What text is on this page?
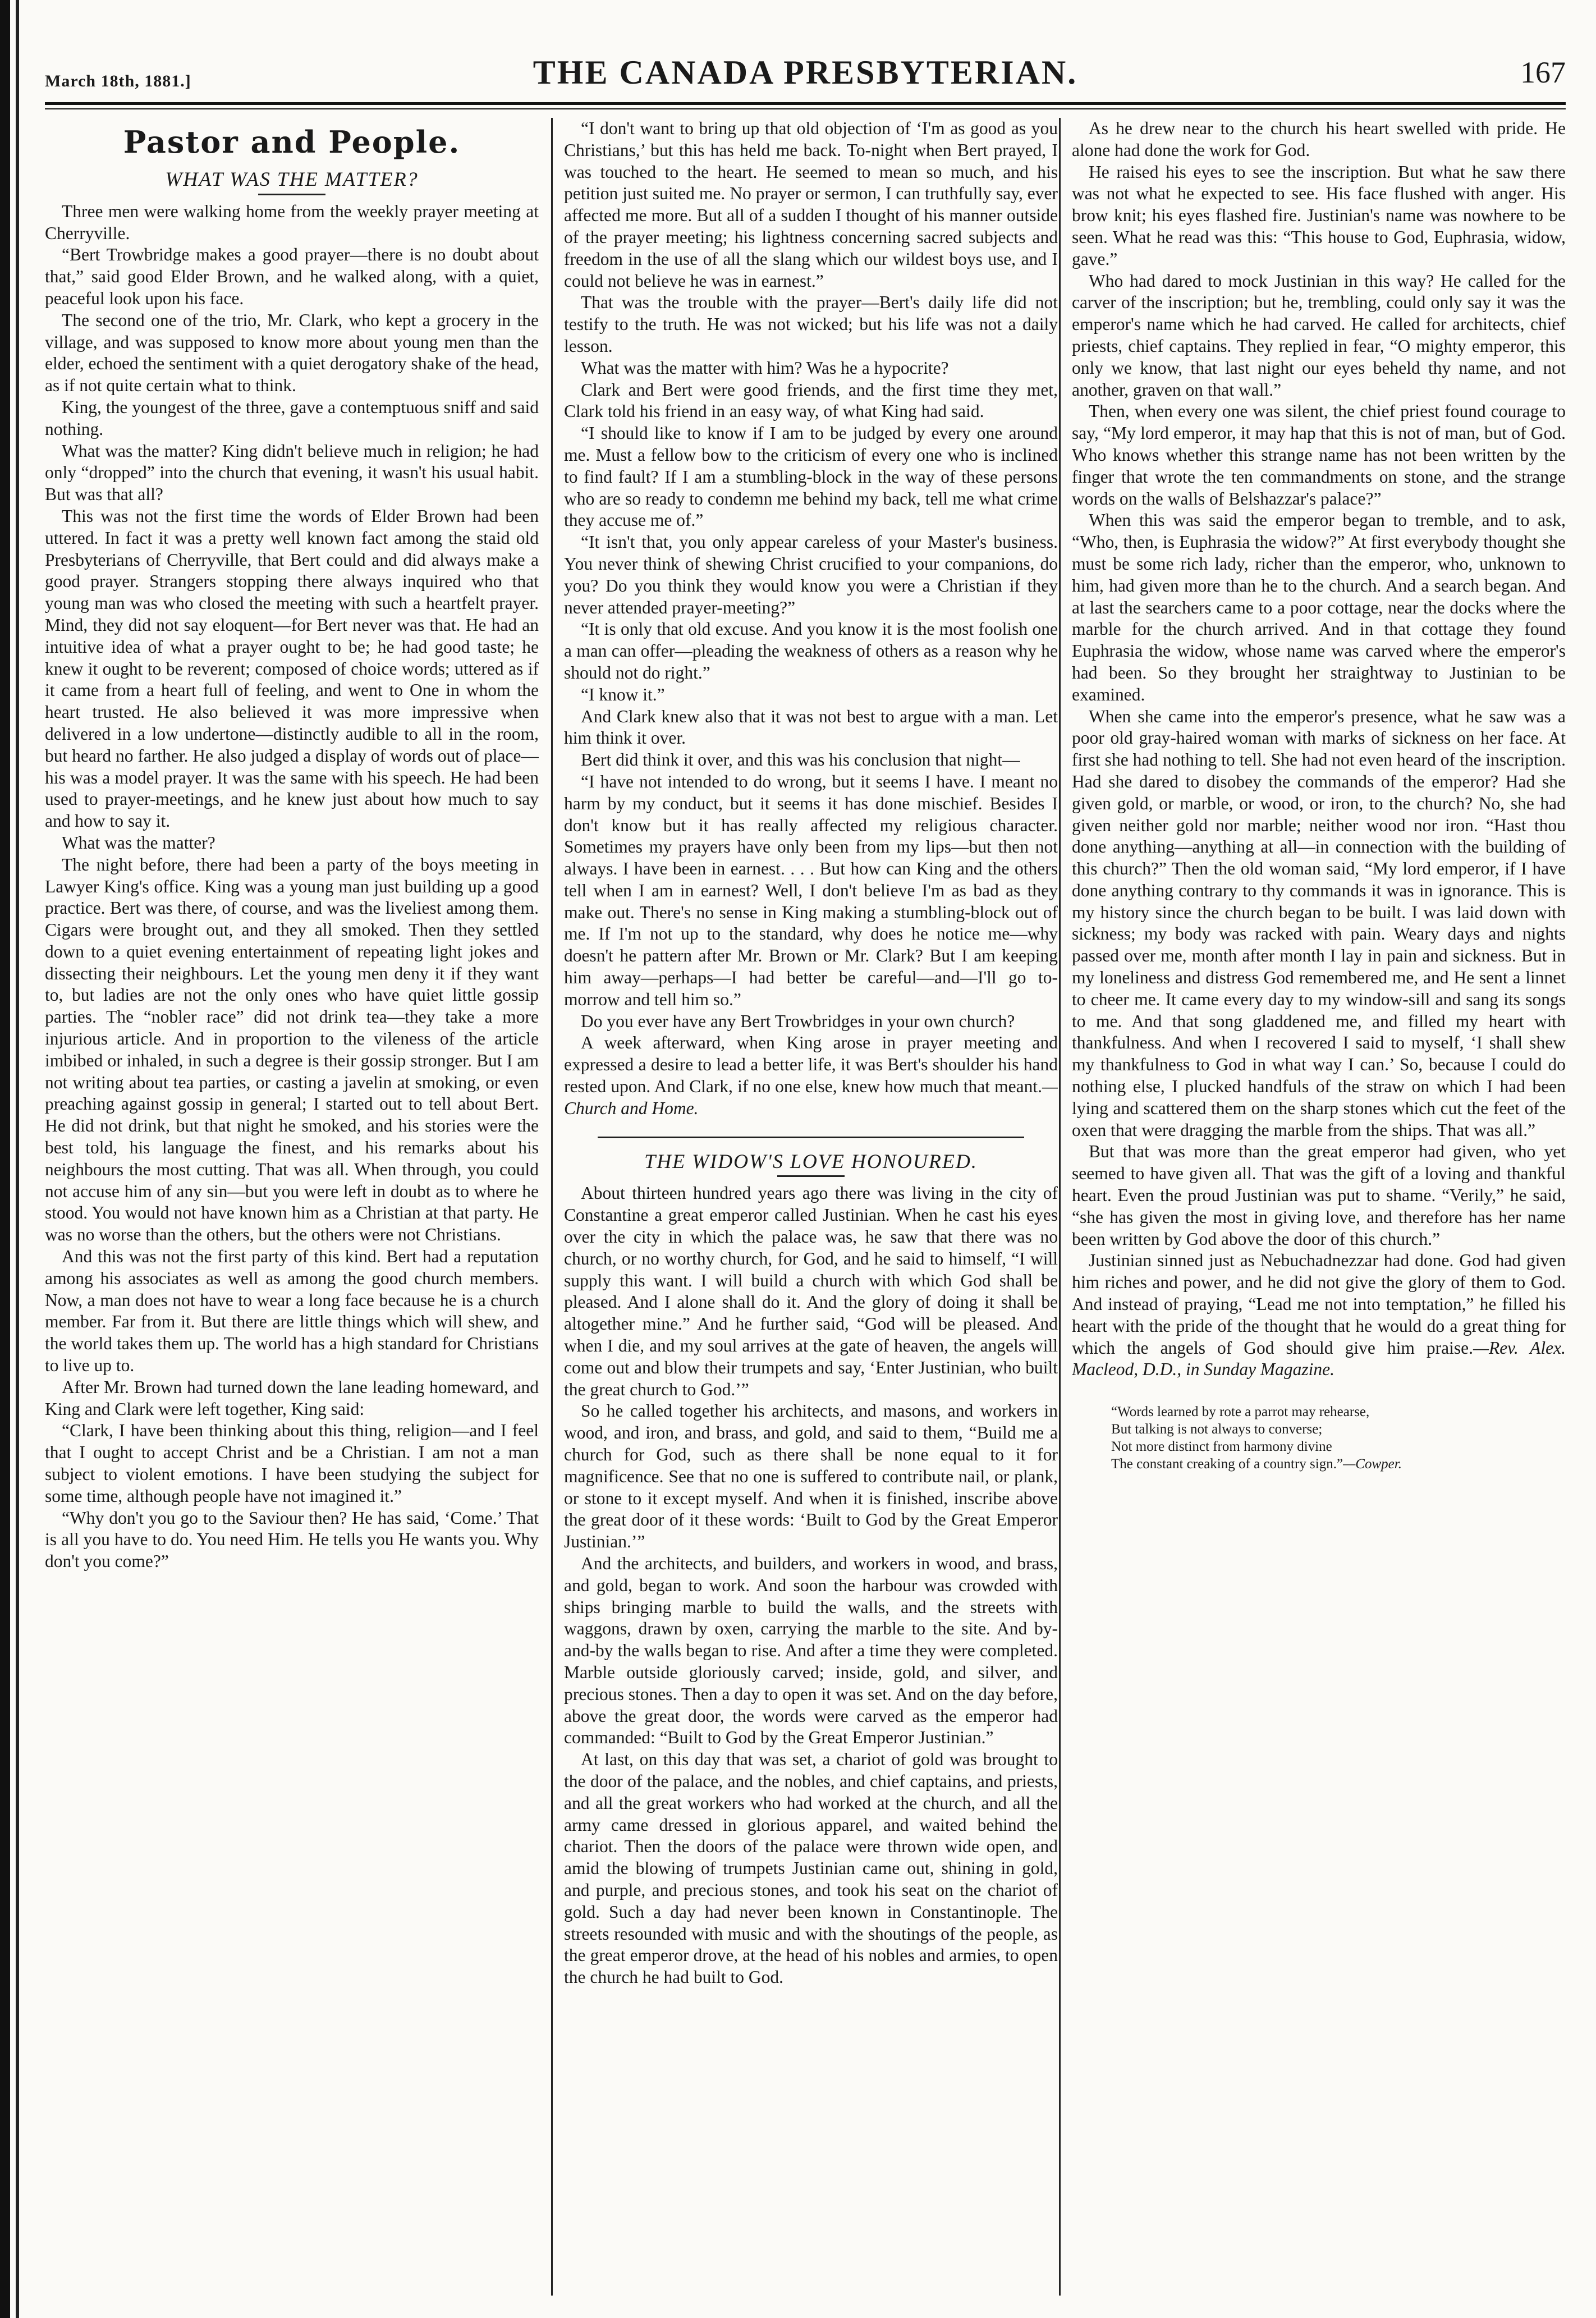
March 18th, 1881.]	THE CANADA PRESBYTERIAN.	167
Pastor and People.
WHAT WAS THE MATTER?

Three men were walking home from the weekly prayer meeting at Cherryville.

“Bert Trowbridge makes a good prayer—there is no doubt about that,” said good Elder Brown, and he walked along, with a quiet, peaceful look upon his face.

The second one of the trio, Mr. Clark, who kept a grocery in the village, and was supposed to know more about young men than the elder, echoed the sentiment with a quiet derogatory shake of the head, as if not quite certain what to think.

King, the youngest of the three, gave a contemptuous sniff and said nothing.

What was the matter? King didn't believe much in religion; he had only “dropped” into the church that evening, it wasn't his usual habit. But was that all?

This was not the first time the words of Elder Brown had been uttered. In fact it was a pretty well known fact among the staid old Presbyterians of Cherryville, that Bert could and did always make a good prayer. Strangers stopping there always inquired who that young man was who closed the meeting with such a heartfelt prayer. Mind, they did not say eloquent—for Bert never was that. He had an intuitive idea of what a prayer ought to be; he had good taste; he knew it ought to be reverent; composed of choice words; uttered as if it came from a heart full of feeling, and went to One in whom the heart trusted. He also believed it was more impressive when delivered in a low undertone—distinctly audible to all in the room, but heard no farther. He also judged a display of words out of place—his was a model prayer. It was the same with his speech. He had been used to prayer-meetings, and he knew just about how much to say and how to say it.

What was the matter?

The night before, there had been a party of the boys meeting in Lawyer King's office. King was a young man just building up a good practice. Bert was there, of course, and was the liveliest among them. Cigars were brought out, and they all smoked. Then they settled down to a quiet evening entertainment of repeating light jokes and dissecting their neighbours. Let the young men deny it if they want to, but ladies are not the only ones who have quiet little gossip parties. The “nobler race” did not drink tea—they take a more injurious article. And in proportion to the vileness of the article imbibed or inhaled, in such a degree is their gossip stronger. But I am not writing about tea parties, or casting a javelin at smoking, or even preaching against gossip in general; I started out to tell about Bert. He did not drink, but that night he smoked, and his stories were the best told, his language the finest, and his remarks about his neighbours the most cutting. That was all. When through, you could not accuse him of any sin—but you were left in doubt as to where he stood. You would not have known him as a Christian at that party. He was no worse than the others, but the others were not Christians.

And this was not the first party of this kind. Bert had a reputation among his associates as well as among the good church members. Now, a man does not have to wear a long face because he is a church member. Far from it. But there are little things which will shew, and the world takes them up. The world has a high standard for Christians to live up to.

After Mr. Brown had turned down the lane leading homeward, and King and Clark were left together, King said:

“Clark, I have been thinking about this thing, religion—and I feel that I ought to accept Christ and be a Christian. I am not a man subject to violent emotions. I have been studying the subject for some time, although people have not imagined it.”

“Why don't you go to the Saviour then? He has said, ‘Come.’ That is all you have to do. You need Him. He tells you He wants you. Why don't you come?”

“I don't want to bring up that old objection of ‘I'm as good as you Christians,’ but this has held me back. To-night when Bert prayed, I was touched to the heart. He seemed to mean so much, and his petition just suited me. No prayer or sermon, I can truthfully say, ever affected me more. But all of a sudden I thought of his manner outside of the prayer meeting; his lightness concerning sacred subjects and freedom in the use of all the slang which our wildest boys use, and I could not believe he was in earnest.”

That was the trouble with the prayer—Bert's daily life did not testify to the truth. He was not wicked; but his life was not a daily lesson.

What was the matter with him? Was he a hypocrite?

Clark and Bert were good friends, and the first time they met, Clark told his friend in an easy way, of what King had said.

“I should like to know if I am to be judged by every one around me. Must a fellow bow to the criticism of every one who is inclined to find fault? If I am a stumbling-block in the way of these persons who are so ready to condemn me behind my back, tell me what crime they accuse me of.”

“It isn't that, you only appear careless of your Master's business. You never think of shewing Christ crucified to your companions, do you? Do you think they would know you were a Christian if they never attended prayer-meeting?”

“It is only that old excuse. And you know it is the most foolish one a man can offer—pleading the weakness of others as a reason why he should not do right.”

“I know it.”

And Clark knew also that it was not best to argue with a man. Let him think it over.

Bert did think it over, and this was his conclusion that night—

“I have not intended to do wrong, but it seems I have. I meant no harm by my conduct, but it seems it has done mischief. Besides I don't know but it has really affected my religious character. Sometimes my prayers have only been from my lips—but then not always. I have been in earnest. . . . But how can King and the others tell when I am in earnest? Well, I don't believe I'm as bad as they make out. There's no sense in King making a stumbling-block out of me. If I'm not up to the standard, why does he notice me—why doesn't he pattern after Mr. Brown or Mr. Clark? But I am keeping him away—perhaps—I had better be careful—and—I'll go to-morrow and tell him so.”

Do you ever have any Bert Trowbridges in your own church?

A week afterward, when King arose in prayer meeting and expressed a desire to lead a better life, it was Bert's shoulder his hand rested upon. And Clark, if no one else, knew how much that meant.—Church and Home.

THE WIDOW'S LOVE HONOURED.

About thirteen hundred years ago there was living in the city of Constantine a great emperor called Justinian. When he cast his eyes over the city in which the palace was, he saw that there was no church, or no worthy church, for God, and he said to himself, “I will supply this want. I will build a church with which God shall be pleased. And I alone shall do it. And the glory of doing it shall be altogether mine.” And he further said, “God will be pleased. And when I die, and my soul arrives at the gate of heaven, the angels will come out and blow their trumpets and say, ‘Enter Justinian, who built the great church to God.’”

So he called together his architects, and masons, and workers in wood, and iron, and brass, and gold, and said to them, “Build me a church for God, such as there shall be none equal to it for magnificence. See that no one is suffered to contribute nail, or plank, or stone to it except myself. And when it is finished, inscribe above the great door of it these words: ‘Built to God by the Great Emperor Justinian.’”

And the architects, and builders, and workers in wood, and brass, and gold, began to work. And soon the harbour was crowded with ships bringing marble to build the walls, and the streets with waggons, drawn by oxen, carrying the marble to the site. And by-and-by the walls began to rise. And after a time they were completed. Marble outside gloriously carved; inside, gold, and silver, and precious stones. Then a day to open it was set. And on the day before, above the great door, the words were carved as the emperor had commanded: “Built to God by the Great Emperor Justinian.”

At last, on this day that was set, a chariot of gold was brought to the door of the palace, and the nobles, and chief captains, and priests, and all the great workers who had worked at the church, and all the army came dressed in glorious apparel, and waited behind the chariot. Then the doors of the palace were thrown wide open, and amid the blowing of trumpets Justinian came out, shining in gold, and purple, and precious stones, and took his seat on the chariot of gold. Such a day had never been known in Constantinople. The streets resounded with music and with the shoutings of the people, as the great emperor drove, at the head of his nobles and armies, to open the church he had built to God.

As he drew near to the church his heart swelled with pride. He alone had done the work for God.

He raised his eyes to see the inscription. But what he saw there was not what he expected to see. His face flushed with anger. His brow knit; his eyes flashed fire. Justinian's name was nowhere to be seen. What he read was this: “This house to God, Euphrasia, widow, gave.”

Who had dared to mock Justinian in this way? He called for the carver of the inscription; but he, trembling, could only say it was the emperor's name which he had carved. He called for architects, chief priests, chief captains. They replied in fear, “O mighty emperor, this only we know, that last night our eyes beheld thy name, and not another, graven on that wall.”

Then, when every one was silent, the chief priest found courage to say, “My lord emperor, it may hap that this is not of man, but of God. Who knows whether this strange name has not been written by the finger that wrote the ten commandments on stone, and the strange words on the walls of Belshazzar's palace?”

When this was said the emperor began to tremble, and to ask, “Who, then, is Euphrasia the widow?” At first everybody thought she must be some rich lady, richer than the emperor, who, unknown to him, had given more than he to the church. And a search began. And at last the searchers came to a poor cottage, near the docks where the marble for the church arrived. And in that cottage they found Euphrasia the widow, whose name was carved where the emperor's had been. So they brought her straightway to Justinian to be examined.

When she came into the emperor's presence, what he saw was a poor old gray-haired woman with marks of sickness on her face. At first she had nothing to tell. She had not even heard of the inscription. Had she dared to disobey the commands of the emperor? Had she given gold, or marble, or wood, or iron, to the church? No, she had given neither gold nor marble; neither wood nor iron. “Hast thou done anything—anything at all—in connection with the building of this church?” Then the old woman said, “My lord emperor, if I have done anything contrary to thy commands it was in ignorance. This is my history since the church began to be built. I was laid down with sickness; my body was racked with pain. Weary days and nights passed over me, month after month I lay in pain and sickness. But in my loneliness and distress God remembered me, and He sent a linnet to cheer me. It came every day to my window-sill and sang its songs to me. And that song gladdened me, and filled my heart with thankfulness. And when I recovered I said to myself, ‘I shall shew my thankfulness to God in what way I can.’ So, because I could do nothing else, I plucked handfuls of the straw on which I had been lying and scattered them on the sharp stones which cut the feet of the oxen that were dragging the marble from the ships. That was all.”

But that was more than the great emperor had given, who yet seemed to have given all. That was the gift of a loving and thankful heart. Even the proud Justinian was put to shame. “Verily,” he said, “she has given the most in giving love, and therefore has her name been written by God above the door of this church.”

Justinian sinned just as Nebuchadnezzar had done. God had given him riches and power, and he did not give the glory of them to God. And instead of praying, “Lead me not into temptation,” he filled his heart with the pride of the thought that he would do a great thing for which the angels of God should give him praise.—Rev. Alex. Macleod, D.D., in Sunday Magazine.

“Words learned by rote a parrot may rehearse,
But talking is not always to converse;
Not more distinct from harmony divine
The constant creaking of a country sign.”—Cowper.
